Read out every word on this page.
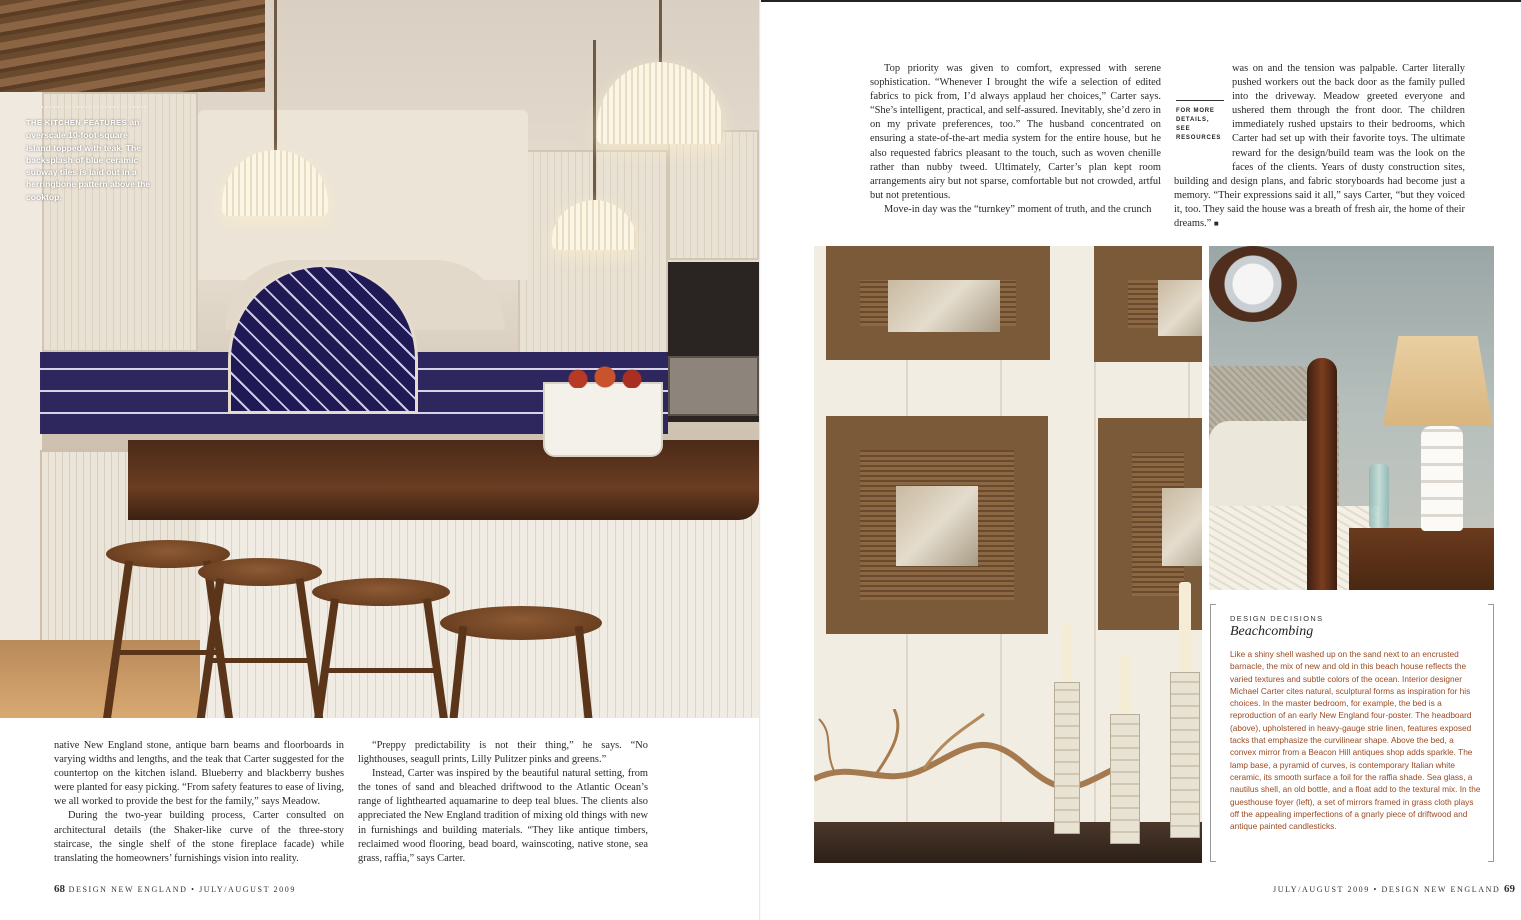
THE KITCHEN FEATURES an overscale 10-foot-square island topped with teak. The backsplash of blue ceramic subway tiles is laid out in a herringbone pattern above the cooktop.

native New England stone, antique barn beams and floorboards in varying widths and lengths, and the teak that Carter suggested for the countertop on the kitchen island. Blueberry and blackberry bushes were planted for easy picking. “From safety features to ease of living, we all worked to provide the best for the family,” says Meadow.

During the two-year building process, Carter consulted on architectural details (the Shaker-like curve of the three-story staircase, the single shelf of the stone fireplace facade) while translating the homeowners’ furnishings vision into reality.

“Preppy predictability is not their thing,” he says. “No lighthouses, seagull prints, Lilly Pulitzer pinks and greens.”

Instead, Carter was inspired by the beautiful natural setting, from the tones of sand and bleached driftwood to the Atlantic Ocean’s range of lighthearted aquamarine to deep teal blues. The clients also appreciated the New England tradition of mixing old things with new in furnishings and building materials. “They like antique timbers, reclaimed wood flooring, bead board, wainscoting, native stone, sea grass, raffia,” says Carter.

68 DESIGN NEW ENGLAND • JULY/AUGUST 2009

Top priority was given to comfort, expressed with serene sophistication. “Whenever I brought the wife a selection of edited fabrics to pick from, I’d always applaud her choices,” Carter says. “She’s intelligent, practical, and self-assured. Inevitably, she’d zero in on my private preferences, too.” The husband concentrated on ensuring a state-of-the-art media system for the entire house, but he also requested fabrics pleasant to the touch, such as woven chenille rather than nubby tweed. Ultimately, Carter’s plan kept room arrangements airy but not sparse, comfortable but not crowded, artful but not pretentious.

Move-in day was the “turnkey” moment of truth, and the crunch

was on and the tension was palpable. Carter literally pushed workers out the back door as the family pulled into the driveway. Meadow greeted everyone and ushered them through the front door. The children immediately rushed upstairs to their bedrooms, which Carter had set up with their favorite toys. The ultimate reward for the design/build team was the look on the faces of the clients. Years of dusty construction sites, building and design plans, and fabric storyboards had become just a memory. “Their expressions said it all,” says Carter, “but they voiced it, too. They said the house was a breath of fresh air, the home of their dreams.” ■
FOR MORE DETAILS, SEE RESOURCES
DESIGN DECISIONS
Beachcombing
Like a shiny shell washed up on the sand next to an encrusted barnacle, the mix of new and old in this beach house reflects the varied textures and subtle colors of the ocean. Interior designer Michael Carter cites natural, sculptural forms as inspiration for his choices. In the master bedroom, for example, the bed is a reproduction of an early New England four-poster. The headboard (above), upholstered in heavy-gauge strie linen, features exposed tacks that emphasize the curvilinear shape. Above the bed, a convex mirror from a Beacon Hill antiques shop adds sparkle. The lamp base, a pyramid of curves, is contemporary Italian white ceramic, its smooth surface a foil for the raffia shade. Sea glass, a nautilus shell, an old bottle, and a float add to the textural mix. In the guesthouse foyer (left), a set of mirrors framed in grass cloth plays off the appealing imperfections of a gnarly piece of driftwood and antique painted candlesticks.
JULY/AUGUST 2009 • DESIGN NEW ENGLAND 69
